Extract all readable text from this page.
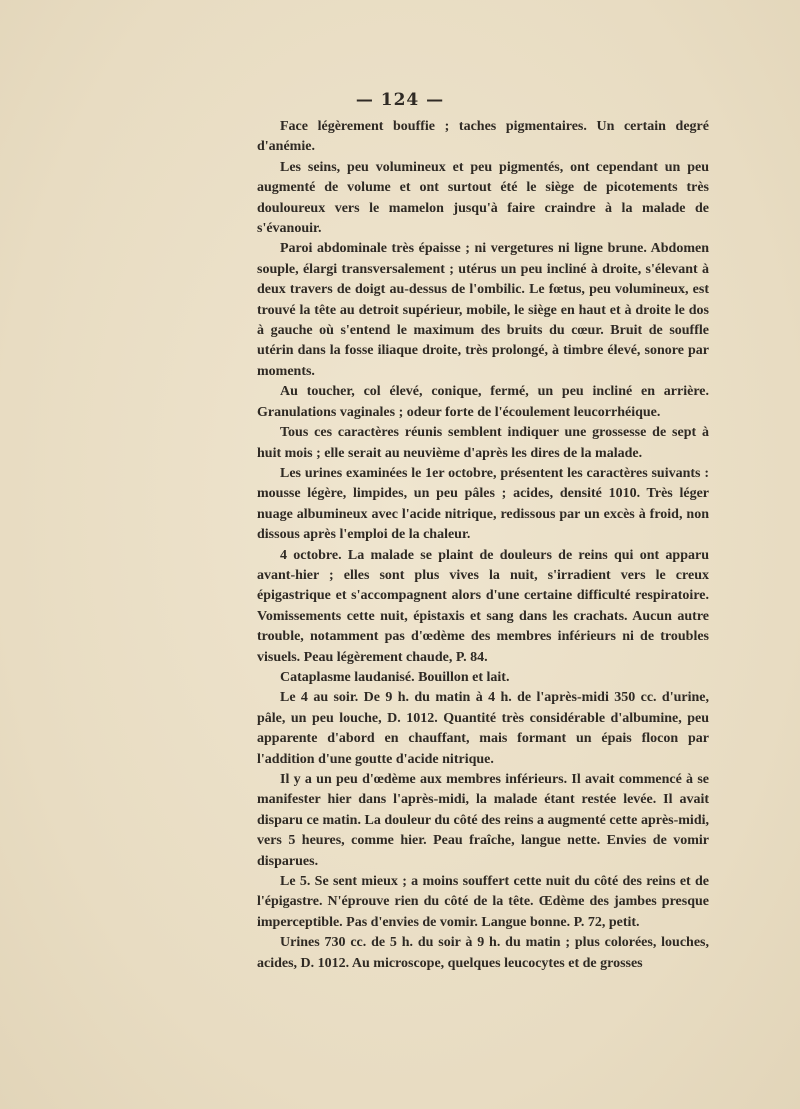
— 124 —

Face légèrement bouffie ; taches pigmentaires. Un certain degré d'anémie.

Les seins, peu volumineux et peu pigmentés, ont cependant un peu augmenté de volume et ont surtout été le siège de picotements très douloureux vers le mamelon jusqu'à faire craindre à la malade de s'évanouir.

Paroi abdominale très épaisse ; ni vergetures ni ligne brune. Abdomen souple, élargi transversalement ; utérus un peu incliné à droite, s'élevant à deux travers de doigt au-dessus de l'ombilic. Le fœtus, peu volumineux, est trouvé la tête au detroit supérieur, mobile, le siège en haut et à droite le dos à gauche où s'entend le maximum des bruits du cœur. Bruit de souffle utérin dans la fosse iliaque droite, très prolongé, à timbre élevé, sonore par moments.

Au toucher, col élevé, conique, fermé, un peu incliné en arrière. Granulations vaginales ; odeur forte de l'écoulement leucorrhéique.

Tous ces caractères réunis semblent indiquer une grossesse de sept à huit mois ; elle serait au neuvième d'après les dires de la malade.

Les urines examinées le 1er octobre, présentent les caractères suivants : mousse légère, limpides, un peu pâles ; acides, densité 1010. Très léger nuage albumineux avec l'acide nitrique, redissous par un excès à froid, non dissous après l'emploi de la chaleur.

4 octobre. La malade se plaint de douleurs de reins qui ont apparu avant-hier ; elles sont plus vives la nuit, s'irradient vers le creux épigastrique et s'accompagnent alors d'une certaine difficulté respiratoire. Vomissements cette nuit, épistaxis et sang dans les crachats. Aucun autre trouble, notamment pas d'œdème des membres inférieurs ni de troubles visuels. Peau légèrement chaude, P. 84.

Cataplasme laudanisé. Bouillon et lait.

Le 4 au soir. De 9 h. du matin à 4 h. de l'après-midi 350 cc. d'urine, pâle, un peu louche, D. 1012. Quantité très considérable d'albumine, peu apparente d'abord en chauffant, mais formant un épais flocon par l'addition d'une goutte d'acide nitrique.

Il y a un peu d'œdème aux membres inférieurs. Il avait commencé à se manifester hier dans l'après-midi, la malade étant restée levée. Il avait disparu ce matin. La douleur du côté des reins a augmenté cette après-midi, vers 5 heures, comme hier. Peau fraîche, langue nette. Envies de vomir disparues.

Le 5. Se sent mieux ; a moins souffert cette nuit du côté des reins et de l'épigastre. N'éprouve rien du côté de la tête. Œdème des jambes presque imperceptible. Pas d'envies de vomir. Langue bonne. P. 72, petit.

Urines 730 cc. de 5 h. du soir à 9 h. du matin ; plus colorées, louches, acides, D. 1012. Au microscope, quelques leucocytes et de grosses
